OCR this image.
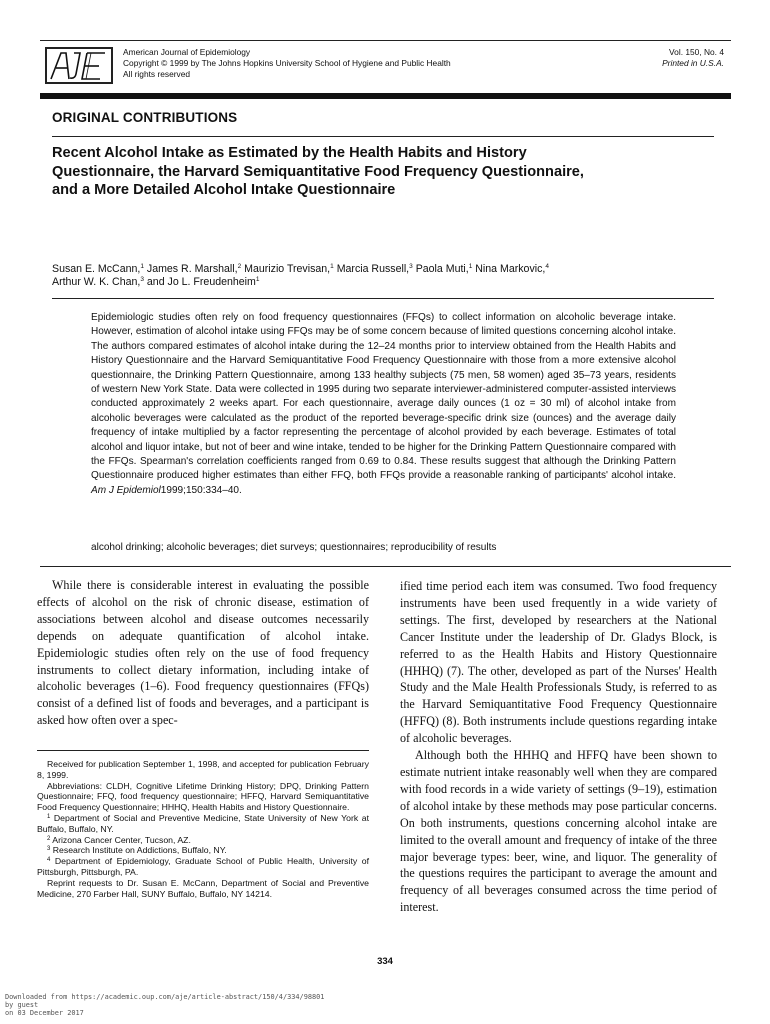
American Journal of Epidemiology
Copyright © 1999 by The Johns Hopkins University School of Hygiene and Public Health
All rights reserved
Vol. 150, No. 4
Printed in U.S.A.
ORIGINAL CONTRIBUTIONS
Recent Alcohol Intake as Estimated by the Health Habits and History
Questionnaire, the Harvard Semiquantitative Food Frequency Questionnaire,
and a More Detailed Alcohol Intake Questionnaire
Susan E. McCann,$^1$ James R. Marshall,$^2$ Maurizio Trevisan,$^1$ Marcia Russell,$^3$ Paola Muti,$^1$ Nina Markovic,$^4$
Arthur W. K. Chan,$^3$ and Jo L. Freudenheim$^1$

Epidemiologic studies often rely on food frequency questionnaires (FFQs) to collect information on alcoholic beverage intake. However, estimation of alcohol intake using FFQs may be of some concern because of limited questions concerning alcohol intake. The authors compared estimates of alcohol intake during the 12–24 months prior to interview obtained from the Health Habits and History Questionnaire and the Harvard Semiquantitative Food Frequency Questionnaire with those from a more extensive alcohol questionnaire, the Drinking Pattern Questionnaire, among 133 healthy subjects (75 men, 58 women) aged 35–73 years, residents of western New York State. Data were collected in 1995 during two separate interviewer-administered computer-assisted interviews conducted approximately 2 weeks apart. For each questionnaire, average daily ounces (1 oz = 30 ml) of alcohol intake from alcoholic beverages were calculated as the product of the reported beverage-specific drink size (ounces) and the average daily frequency of intake multiplied by a factor representing the percentage of alcohol provided by each beverage. Estimates of total alcohol and liquor intake, but not of beer and wine intake, tended to be higher for the Drinking Pattern Questionnaire compared with the FFQs. Spearman's correlation coefficients ranged from 0.69 to 0.84. These results suggest that although the Drinking Pattern Questionnaire produced higher estimates than either FFQ, both FFQs provide a reasonable ranking of participants' alcohol intake. Am J Epidemiol1999;150:334–40.

alcohol drinking; alcoholic beverages; diet surveys; questionnaires; reproducibility of results

While there is considerable interest in evaluating the possible effects of alcohol on the risk of chronic disease, estimation of associations between alcohol and disease outcomes necessarily depends on adequate quantification of alcohol intake. Epidemiologic studies often rely on the use of food frequency instruments to collect dietary information, including intake of alcoholic beverages (1–6). Food frequency questionnaires (FFQs) consist of a defined list of foods and beverages, and a participant is asked how often over a spec-

Received for publication September 1, 1998, and accepted for publication February 8, 1999.

Abbreviations: CLDH, Cognitive Lifetime Drinking History; DPQ, Drinking Pattern Questionnaire; FFQ, food frequency questionnaire; HFFQ, Harvard Semiquantitative Food Frequency Questionnaire; HHHQ, Health Habits and History Questionnaire.

$^1$ Department of Social and Preventive Medicine, State University of New York at Buffalo, Buffalo, NY.

$^2$ Arizona Cancer Center, Tucson, AZ.

$^3$ Research Institute on Addictions, Buffalo, NY.

$^4$ Department of Epidemiology, Graduate School of Public Health, University of Pittsburgh, Pittsburgh, PA.

Reprint requests to Dr. Susan E. McCann, Department of Social and Preventive Medicine, 270 Farber Hall, SUNY Buffalo, Buffalo, NY 14214.

ified time period each item was consumed. Two food frequency instruments have been used frequently in a wide variety of settings. The first, developed by researchers at the National Cancer Institute under the leadership of Dr. Gladys Block, is referred to as the Health Habits and History Questionnaire (HHHQ) (7). The other, developed as part of the Nurses' Health Study and the Male Health Professionals Study, is referred to as the Harvard Semiquantitative Food Frequency Questionnaire (HFFQ) (8). Both instruments include questions regarding intake of alcoholic beverages.

Although both the HHHQ and HFFQ have been shown to estimate nutrient intake reasonably well when they are compared with food records in a wide variety of settings (9–19), estimation of alcohol intake by these methods may pose particular concerns. On both instruments, questions concerning alcohol intake are limited to the overall amount and frequency of intake of the three major beverage types: beer, wine, and liquor. The generality of the questions requires the participant to average the amount and frequency of all beverages consumed across the time period of interest.

334
Downloaded from https://academic.oup.com/aje/article-abstract/150/4/334/98801
by guest
on 03 December 2017
